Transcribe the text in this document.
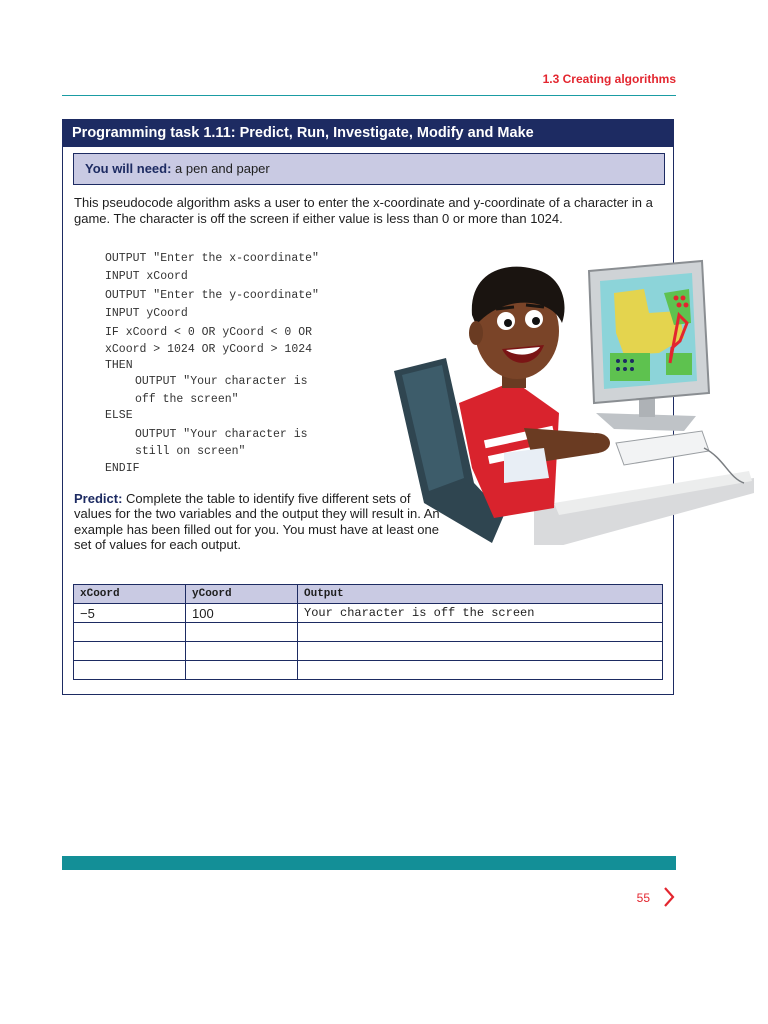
1.3 Creating algorithms
Programming task 1.11: Predict, Run, Investigate, Modify and Make
You will need: a pen and paper

This pseudocode algorithm asks a user to enter the x-coordinate and y-coordinate of a character in a game. The character is off the screen if either value is less than 0 or more than 1024.

OUTPUT "Enter the x-coordinate"
INPUT xCoord
OUTPUT "Enter the y-coordinate"
INPUT yCoord
IF xCoord < 0 OR yCoord < 0 OR
xCoord > 1024 OR yCoord > 1024
THEN
OUTPUT "Your character is
off the screen"
ELSE
OUTPUT "Your character is
still on screen"
ENDIF

Predict: Complete the table to identify five different sets of values for the two variables and the output they will result in. An example has been filled out for you. You must have at least one set of values for each output.

xCoord	yCoord	Output
−5	100	Your character is off the screen

55
